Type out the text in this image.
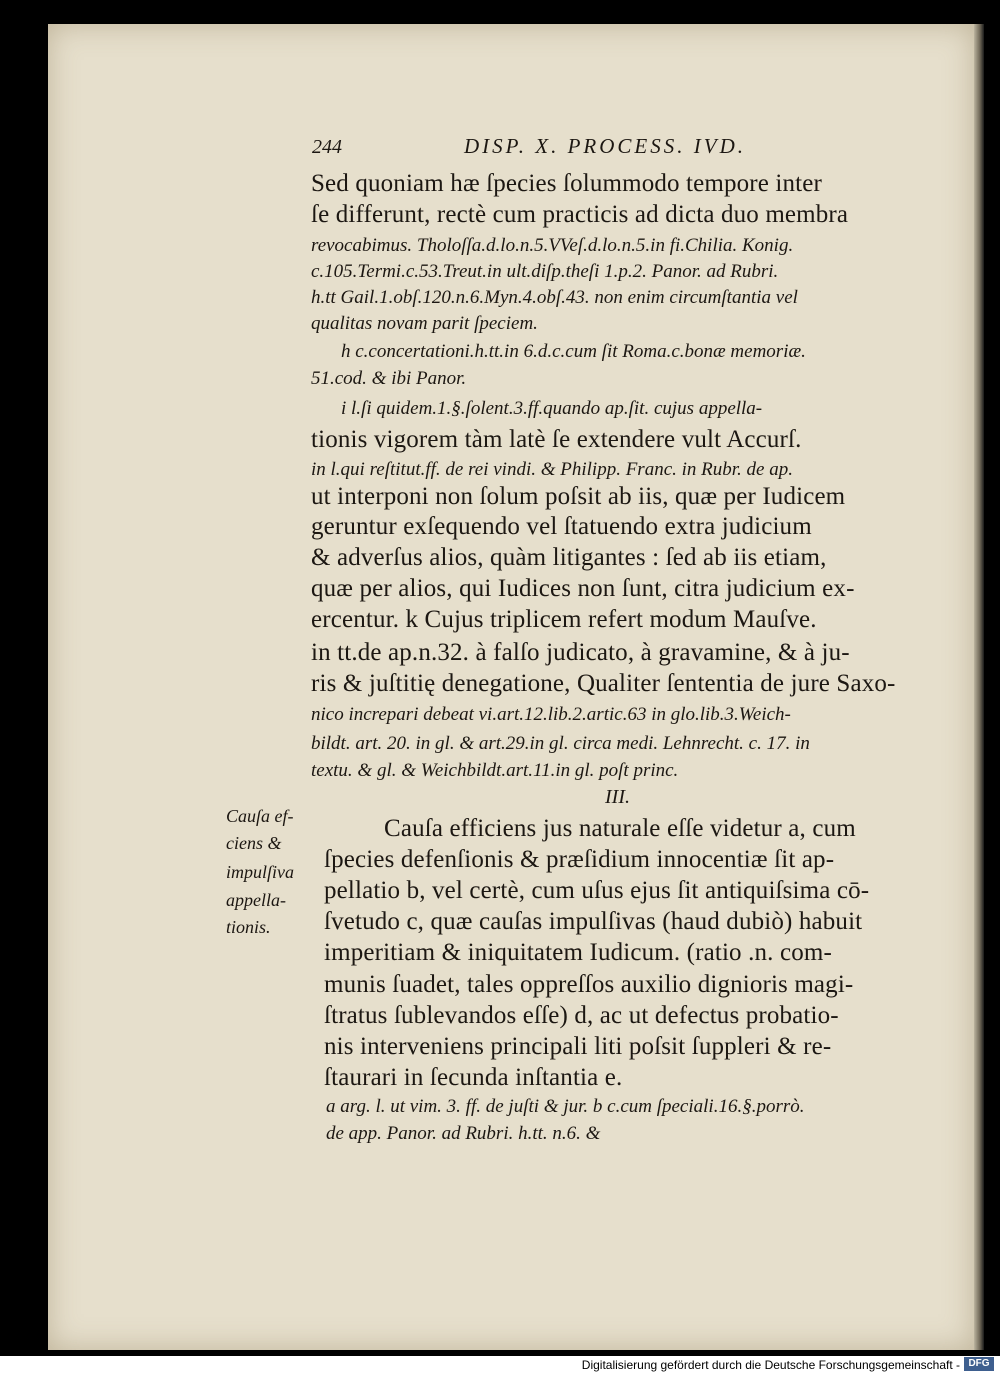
244	DISP. X. PROCESS. IVD.
Sed quoniam hæ ſpecies ſolummodo tempore inter
ſe differunt, rectè cum practicis ad dicta duo membra
revocabimus. Tholoſſa.d.lo.n.5.VVeſ.d.lo.n.5.in fi.Chilia. Konig.
c.105.Termi.c.53.Treut.in ult.diſp.theſi 1.p.2. Panor. ad Rubri.
h.tt Gail.1.obſ.120.n.6.Myn.4.obſ.43. non enim circumſtantia vel
qualitas novam parit ſpeciem.
h c.concertationi.h.tt.in 6.d.c.cum ſit Roma.c.bonæ memoriæ.
51.cod. & ibi Panor.
i l.ſi quidem.1.§.ſolent.3.ff.quando ap.ſit. cujus appella-
tionis vigorem tàm latè ſe extendere vult Accurſ.
in l.qui reſtitut.ff. de rei vindi. & Philipp. Franc. in Rubr. de ap.
ut interponi non ſolum poſsit ab iis, quæ per Iudicem
geruntur exſequendo vel ſtatuendo extra judicium
& adverſus alios, quàm litigantes : ſed ab iis etiam,
quæ per alios, qui Iudices non ſunt, citra judicium ex-
ercentur. k Cujus triplicem refert modum Mauſve.
in tt.de ap.n.32. à falſo judicato, à gravamine, & à ju-
ris & juſtitię denegatione, Qualiter ſententia de jure Saxo-
nico increpari debeat vi.art.12.lib.2.artic.63 in glo.lib.3.Weich-
bildt. art. 20. in gl. & art.29.in gl. circa medi. Lehnrecht. c. 17. in
textu. & gl. & Weichbildt.art.11.in gl. poſt princ.
III.
Cauſa ef-
ciens &
impulſiva
appella-
tionis.
Cauſa efficiens jus naturale eſſe videtur a, cum
ſpecies defenſionis & præſidium innocentiæ ſit ap-
pellatio b, vel certè, cum uſus ejus ſit antiquiſsima cō-
ſvetudo c, quæ cauſas impulſivas (haud dubiò) habuit
imperitiam & iniquitatem Iudicum. (ratio .n. com-
munis ſuadet, tales oppreſſos auxilio dignioris magi-
ſtratus ſublevandos eſſe) d, ac ut defectus probatio-
nis interveniens principali liti poſsit ſuppleri & re-
ſtaurari in ſecunda inſtantia e.
a arg. l. ut vim. 3. ff. de juſti & jur. b c.cum ſpeciali.16.§.porrò.
de app. Panor. ad Rubri. h.tt. n.6. &
Digitalisierung gefördert durch die Deutsche Forschungsgemeinschaft - DFG
